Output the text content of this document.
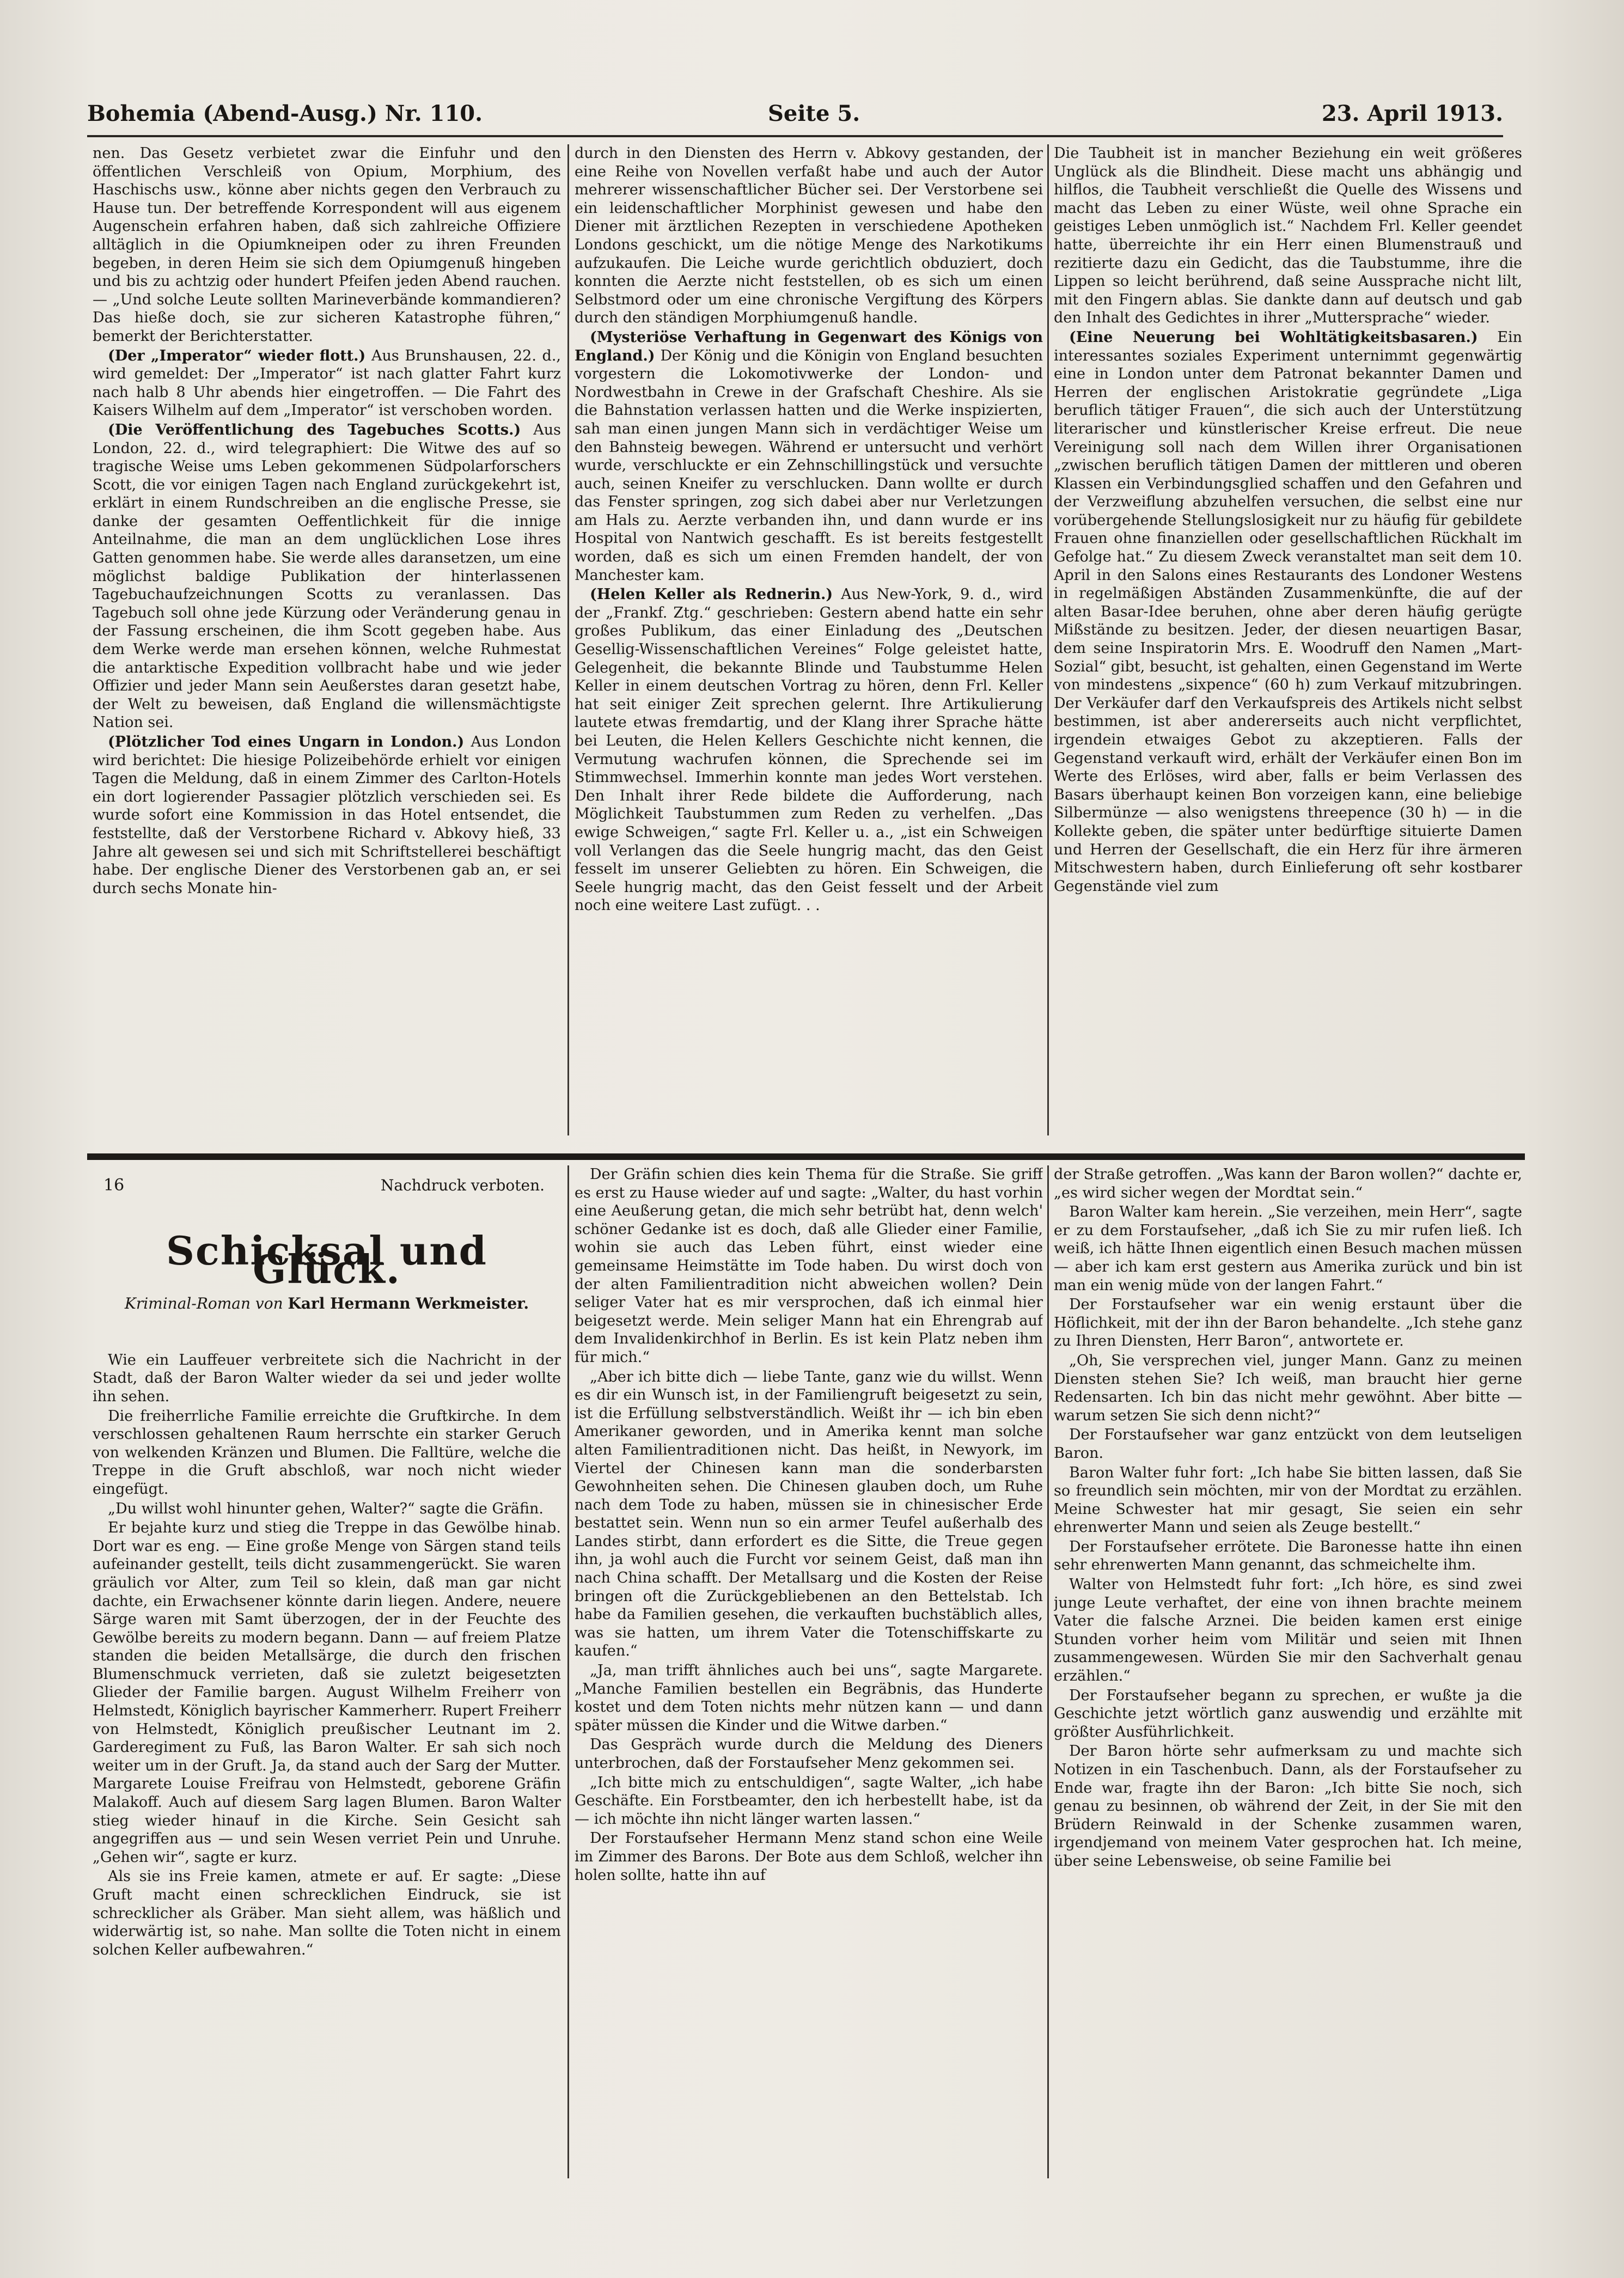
Bohemia (Abend-Ausg.) Nr. 110.	Seite 5.	23. April 1913.

nen. Das Gesetz verbietet zwar die Einfuhr und den öffentlichen Verschleiß von Opium, Morphium, des Haschischs usw., könne aber nichts gegen den Verbrauch zu Hause tun. Der betreffende Korrespondent will aus eigenem Augenschein erfahren haben, daß sich zahlreiche Offiziere alltäglich in die Opiumkneipen oder zu ihren Freunden begeben, in deren Heim sie sich dem Opiumgenuß hingeben und bis zu achtzig oder hundert Pfeifen jeden Abend rauchen. — „Und solche Leute sollten Marineverbände kommandieren? Das hieße doch, sie zur sicheren Katastrophe führen,“ bemerkt der Berichterstatter.

(Der „Imperator“ wieder flott.) Aus Brunshausen, 22. d., wird gemeldet: Der „Imperator“ ist nach glatter Fahrt kurz nach halb 8 Uhr abends hier eingetroffen. — Die Fahrt des Kaisers Wilhelm auf dem „Imperator“ ist verschoben worden.

(Die Veröffentlichung des Tagebuches Scotts.) Aus London, 22. d., wird telegraphiert: Die Witwe des auf so tragische Weise ums Leben gekommenen Südpolarforschers Scott, die vor einigen Tagen nach England zurückgekehrt ist, erklärt in einem Rundschreiben an die englische Presse, sie danke der gesamten Oeffentlichkeit für die innige Anteilnahme, die man an dem unglücklichen Lose ihres Gatten genommen habe. Sie werde alles daransetzen, um eine möglichst baldige Publikation der hinterlassenen Tagebuchaufzeichnungen Scotts zu veranlassen. Das Tagebuch soll ohne jede Kürzung oder Veränderung genau in der Fassung erscheinen, die ihm Scott gegeben habe. Aus dem Werke werde man ersehen können, welche Ruhmestat die antarktische Expedition vollbracht habe und wie jeder Offizier und jeder Mann sein Aeußerstes daran gesetzt habe, der Welt zu beweisen, daß England die willensmächtigste Nation sei.

(Plötzlicher Tod eines Ungarn in London.) Aus London wird berichtet: Die hiesige Polizeibehörde erhielt vor einigen Tagen die Meldung, daß in einem Zimmer des Carlton-Hotels ein dort logierender Passagier plötzlich verschieden sei. Es wurde sofort eine Kommission in das Hotel entsendet, die feststellte, daß der Verstorbene Richard v. Abkovy hieß, 33 Jahre alt gewesen sei und sich mit Schriftstellerei beschäftigt habe. Der englische Diener des Verstorbenen gab an, er sei durch sechs Monate hin-

durch in den Diensten des Herrn v. Abkovy gestanden, der eine Reihe von Novellen verfaßt habe und auch der Autor mehrerer wissenschaftlicher Bücher sei. Der Verstorbene sei ein leidenschaftlicher Morphinist gewesen und habe den Diener mit ärztlichen Rezepten in verschiedene Apotheken Londons geschickt, um die nötige Menge des Narkotikums aufzukaufen. Die Leiche wurde gerichtlich obduziert, doch konnten die Aerzte nicht feststellen, ob es sich um einen Selbstmord oder um eine chronische Vergiftung des Körpers durch den ständigen Morphiumgenuß handle.

(Mysteriöse Verhaftung in Gegenwart des Königs von England.) Der König und die Königin von England besuchten vorgestern die Lokomotivwerke der London- und Nordwestbahn in Crewe in der Grafschaft Cheshire. Als sie die Bahnstation verlassen hatten und die Werke inspizierten, sah man einen jungen Mann sich in verdächtiger Weise um den Bahnsteig bewegen. Während er untersucht und verhört wurde, verschluckte er ein Zehnschillingstück und versuchte auch, seinen Kneifer zu verschlucken. Dann wollte er durch das Fenster springen, zog sich dabei aber nur Verletzungen am Hals zu. Aerzte verbanden ihn, und dann wurde er ins Hospital von Nantwich geschafft. Es ist bereits festgestellt worden, daß es sich um einen Fremden handelt, der von Manchester kam.

(Helen Keller als Rednerin.) Aus New-York, 9. d., wird der „Frankf. Ztg.“ geschrieben: Gestern abend hatte ein sehr großes Publikum, das einer Einladung des „Deutschen Gesellig-Wissenschaftlichen Vereines“ Folge geleistet hatte, Gelegenheit, die bekannte Blinde und Taubstumme Helen Keller in einem deutschen Vortrag zu hören, denn Frl. Keller hat seit einiger Zeit sprechen gelernt. Ihre Artikulierung lautete etwas fremdartig, und der Klang ihrer Sprache hätte bei Leuten, die Helen Kellers Geschichte nicht kennen, die Vermutung wachrufen können, die Sprechende sei im Stimmwechsel. Immerhin konnte man jedes Wort verstehen. Den Inhalt ihrer Rede bildete die Aufforderung, nach Möglichkeit Taubstummen zum Reden zu verhelfen. „Das ewige Schweigen,“ sagte Frl. Keller u. a., „ist ein Schweigen voll Verlangen das die Seele hungrig macht, das den Geist fesselt im unserer Geliebten zu hören. Ein Schweigen, die Seele hungrig macht, das den Geist fesselt und der Arbeit noch eine weitere Last zufügt. . .

Die Taubheit ist in mancher Beziehung ein weit größeres Unglück als die Blindheit. Diese macht uns abhängig und hilflos, die Taubheit verschließt die Quelle des Wissens und macht das Leben zu einer Wüste, weil ohne Sprache ein geistiges Leben unmöglich ist.“ Nachdem Frl. Keller geendet hatte, überreichte ihr ein Herr einen Blumenstrauß und rezitierte dazu ein Gedicht, das die Taubstumme, ihre die Lippen so leicht berührend, daß seine Aussprache nicht lilt, mit den Fingern ablas. Sie dankte dann auf deutsch und gab den Inhalt des Gedichtes in ihrer „Muttersprache“ wieder.

(Eine Neuerung bei Wohltätigkeitsbasaren.) Ein interessantes soziales Experiment unternimmt gegenwärtig eine in London unter dem Patronat bekannter Damen und Herren der englischen Aristokratie gegründete „Liga beruflich tätiger Frauen“, die sich auch der Unterstützung literarischer und künstlerischer Kreise erfreut. Die neue Vereinigung soll nach dem Willen ihrer Organisationen „zwischen beruflich tätigen Damen der mittleren und oberen Klassen ein Verbindungsglied schaffen und den Gefahren und der Verzweiflung abzuhelfen versuchen, die selbst eine nur vorübergehende Stellungslosigkeit nur zu häufig für gebildete Frauen ohne finanziellen oder gesellschaftlichen Rückhalt im Gefolge hat.“ Zu diesem Zweck veranstaltet man seit dem 10. April in den Salons eines Restaurants des Londoner Westens in regelmäßigen Abständen Zusammenkünfte, die auf der alten Basar-Idee beruhen, ohne aber deren häufig gerügte Mißstände zu besitzen. Jeder, der diesen neuartigen Basar, dem seine Inspiratorin Mrs. E. Woodruff den Namen „Mart-Sozial“ gibt, besucht, ist gehalten, einen Gegenstand im Werte von mindestens „sixpence“ (60 h) zum Verkauf mitzubringen. Der Verkäufer darf den Verkaufspreis des Artikels nicht selbst bestimmen, ist aber andererseits auch nicht verpflichtet, irgendein etwaiges Gebot zu akzeptieren. Falls der Gegenstand verkauft wird, erhält der Verkäufer einen Bon im Werte des Erlöses, wird aber, falls er beim Verlassen des Basars überhaupt keinen Bon vorzeigen kann, eine beliebige Silbermünze — also wenigstens threepence (30 h) — in die Kollekte geben, die später unter bedürftige situierte Damen und Herren der Gesellschaft, die ein Herz für ihre ärmeren Mitschwestern haben, durch Einlieferung oft sehr kostbarer Gegenstände viel zum

16	Nachdruck verboten.
Schicksal und Glück.
Kriminal-Roman von Karl Hermann Werkmeister.

Wie ein Lauffeuer verbreitete sich die Nachricht in der Stadt, daß der Baron Walter wieder da sei und jeder wollte ihn sehen.

Die freiherrliche Familie erreichte die Gruftkirche. In dem verschlossen gehaltenen Raum herrschte ein starker Geruch von welkenden Kränzen und Blumen. Die Falltüre, welche die Treppe in die Gruft abschloß, war noch nicht wieder eingefügt.

„Du willst wohl hinunter gehen, Walter?“ sagte die Gräfin.

Er bejahte kurz und stieg die Treppe in das Gewölbe hinab. Dort war es eng. — Eine große Menge von Särgen stand teils aufeinander gestellt, teils dicht zusammengerückt. Sie waren gräulich vor Alter, zum Teil so klein, daß man gar nicht dachte, ein Erwachsener könnte darin liegen. Andere, neuere Särge waren mit Samt überzogen, der in der Feuchte des Gewölbe bereits zu modern begann. Dann — auf freiem Platze standen die beiden Metallsärge, die durch den frischen Blumenschmuck verrieten, daß sie zuletzt beigesetzten Glieder der Familie bargen. August Wilhelm Freiherr von Helmstedt, Königlich bayrischer Kammerherr. Rupert Freiherr von Helmstedt, Königlich preußischer Leutnant im 2. Garderegiment zu Fuß, las Baron Walter. Er sah sich noch weiter um in der Gruft. Ja, da stand auch der Sarg der Mutter. Margarete Louise Freifrau von Helmstedt, geborene Gräfin Malakoff. Auch auf diesem Sarg lagen Blumen. Baron Walter stieg wieder hinauf in die Kirche. Sein Gesicht sah angegriffen aus — und sein Wesen verriet Pein und Unruhe. „Gehen wir“, sagte er kurz.

Als sie ins Freie kamen, atmete er auf. Er sagte: „Diese Gruft macht einen schrecklichen Eindruck, sie ist schrecklicher als Gräber. Man sieht allem, was häßlich und widerwärtig ist, so nahe. Man sollte die Toten nicht in einem solchen Keller aufbewahren.“

Der Gräfin schien dies kein Thema für die Straße. Sie griff es erst zu Hause wieder auf und sagte: „Walter, du hast vorhin eine Aeußerung getan, die mich sehr betrübt hat, denn welch' schöner Gedanke ist es doch, daß alle Glieder einer Familie, wohin sie auch das Leben führt, einst wieder eine gemeinsame Heimstätte im Tode haben. Du wirst doch von der alten Familientradition nicht abweichen wollen? Dein seliger Vater hat es mir versprochen, daß ich einmal hier beigesetzt werde. Mein seliger Mann hat ein Ehrengrab auf dem Invalidenkirchhof in Berlin. Es ist kein Platz neben ihm für mich.“

„Aber ich bitte dich — liebe Tante, ganz wie du willst. Wenn es dir ein Wunsch ist, in der Familiengruft beigesetzt zu sein, ist die Erfüllung selbstverständlich. Weißt ihr — ich bin eben Amerikaner geworden, und in Amerika kennt man solche alten Familientraditionen nicht. Das heißt, in Newyork, im Viertel der Chinesen kann man die sonderbarsten Gewohnheiten sehen. Die Chinesen glauben doch, um Ruhe nach dem Tode zu haben, müssen sie in chinesischer Erde bestattet sein. Wenn nun so ein armer Teufel außerhalb des Landes stirbt, dann erfordert es die Sitte, die Treue gegen ihn, ja wohl auch die Furcht vor seinem Geist, daß man ihn nach China schafft. Der Metallsarg und die Kosten der Reise bringen oft die Zurückgebliebenen an den Bettelstab. Ich habe da Familien gesehen, die verkauften buchstäblich alles, was sie hatten, um ihrem Vater die Totenschiffskarte zu kaufen.“

„Ja, man trifft ähnliches auch bei uns“, sagte Margarete. „Manche Familien bestellen ein Begräbnis, das Hunderte kostet und dem Toten nichts mehr nützen kann — und dann später müssen die Kinder und die Witwe darben.“

Das Gespräch wurde durch die Meldung des Dieners unterbrochen, daß der Forstaufseher Menz gekommen sei.

„Ich bitte mich zu entschuldigen“, sagte Walter, „ich habe Geschäfte. Ein Forstbeamter, den ich herbestellt habe, ist da — ich möchte ihn nicht länger warten lassen.“

Der Forstaufseher Hermann Menz stand schon eine Weile im Zimmer des Barons. Der Bote aus dem Schloß, welcher ihn holen sollte, hatte ihn auf

der Straße getroffen. „Was kann der Baron wollen?“ dachte er, „es wird sicher wegen der Mordtat sein.“

Baron Walter kam herein. „Sie verzeihen, mein Herr“, sagte er zu dem Forstaufseher, „daß ich Sie zu mir rufen ließ. Ich weiß, ich hätte Ihnen eigentlich einen Besuch machen müssen — aber ich kam erst gestern aus Amerika zurück und bin ist man ein wenig müde von der langen Fahrt.“

Der Forstaufseher war ein wenig erstaunt über die Höflichkeit, mit der ihn der Baron behandelte. „Ich stehe ganz zu Ihren Diensten, Herr Baron“, antwortete er.

„Oh, Sie versprechen viel, junger Mann. Ganz zu meinen Diensten stehen Sie? Ich weiß, man braucht hier gerne Redensarten. Ich bin das nicht mehr gewöhnt. Aber bitte — warum setzen Sie sich denn nicht?“

Der Forstaufseher war ganz entzückt von dem leutseligen Baron.

Baron Walter fuhr fort: „Ich habe Sie bitten lassen, daß Sie so freundlich sein möchten, mir von der Mordtat zu erzählen. Meine Schwester hat mir gesagt, Sie seien ein sehr ehrenwerter Mann und seien als Zeuge bestellt.“

Der Forstaufseher errötete. Die Baronesse hatte ihn einen sehr ehrenwerten Mann genannt, das schmeichelte ihm.

Walter von Helmstedt fuhr fort: „Ich höre, es sind zwei junge Leute verhaftet, der eine von ihnen brachte meinem Vater die falsche Arznei. Die beiden kamen erst einige Stunden vorher heim vom Militär und seien mit Ihnen zusammengewesen. Würden Sie mir den Sachverhalt genau erzählen.“

Der Forstaufseher begann zu sprechen, er wußte ja die Geschichte jetzt wörtlich ganz auswendig und erzählte mit größter Ausführlichkeit.

Der Baron hörte sehr aufmerksam zu und machte sich Notizen in ein Taschenbuch. Dann, als der Forstaufseher zu Ende war, fragte ihn der Baron: „Ich bitte Sie noch, sich genau zu besinnen, ob während der Zeit, in der Sie mit den Brüdern Reinwald in der Schenke zusammen waren, irgendjemand von meinem Vater gesprochen hat. Ich meine, über seine Lebensweise, ob seine Familie bei
